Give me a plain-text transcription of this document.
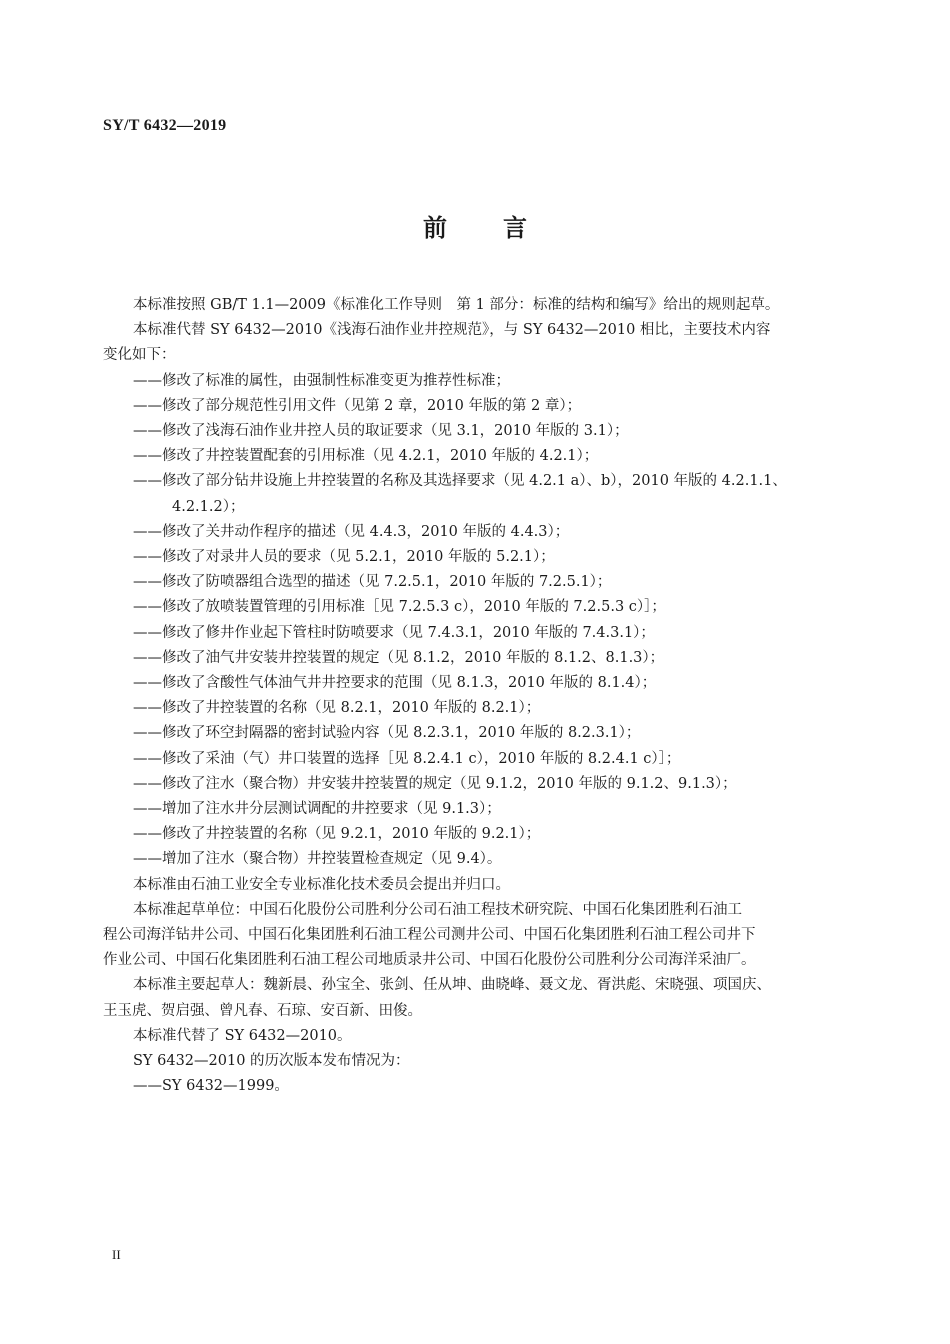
SY/T 6432—2019
前 言

本标准按照 GB/T 1.1—2009《标准化工作导则　第 1 部分：标准的结构和编写》给出的规则起草。

本标准代替 SY 6432—2010《浅海石油作业井控规范》，与 SY 6432—2010 相比，主要技术内容

变化如下：

——修改了标准的属性，由强制性标准变更为推荐性标准；

——修改了部分规范性引用文件（见第 2 章，2010 年版的第 2 章）；

——修改了浅海石油作业井控人员的取证要求（见 3.1，2010 年版的 3.1）；

——修改了井控装置配套的引用标准（见 4.2.1，2010 年版的 4.2.1）；

——修改了部分钻井设施上井控装置的名称及其选择要求（见 4.2.1 a）、b），2010 年版的 4.2.1.1、
4.2.1.2）；

——修改了关井动作程序的描述（见 4.4.3，2010 年版的 4.4.3）；

——修改了对录井人员的要求（见 5.2.1，2010 年版的 5.2.1）；

——修改了防喷器组合选型的描述（见 7.2.5.1，2010 年版的 7.2.5.1）；

——修改了放喷装置管理的引用标准［见 7.2.5.3 c），2010 年版的 7.2.5.3 c）］；

——修改了修井作业起下管柱时防喷要求（见 7.4.3.1，2010 年版的 7.4.3.1）；

——修改了油气井安装井控装置的规定（见 8.1.2，2010 年版的 8.1.2、8.1.3）；

——修改了含酸性气体油气井井控要求的范围（见 8.1.3，2010 年版的 8.1.4）；

——修改了井控装置的名称（见 8.2.1，2010 年版的 8.2.1）；

——修改了环空封隔器的密封试验内容（见 8.2.3.1，2010 年版的 8.2.3.1）；

——修改了采油（气）井口装置的选择［见 8.2.4.1 c），2010 年版的 8.2.4.1 c）］；

——修改了注水（聚合物）井安装井控装置的规定（见 9.1.2，2010 年版的 9.1.2、9.1.3）；

——增加了注水井分层测试调配的井控要求（见 9.1.3）；

——修改了井控装置的名称（见 9.2.1，2010 年版的 9.2.1）；

——增加了注水（聚合物）井控装置检查规定（见 9.4）。

本标准由石油工业安全专业标准化技术委员会提出并归口。

本标准起草单位：中国石化股份公司胜利分公司石油工程技术研究院、中国石化集团胜利石油工

程公司海洋钻井公司、中国石化集团胜利石油工程公司测井公司、中国石化集团胜利石油工程公司井下

作业公司、中国石化集团胜利石油工程公司地质录井公司、中国石化股份公司胜利分公司海洋采油厂。

本标准主要起草人：魏新晨、孙宝全、张剑、任从坤、曲晓峰、聂文龙、胥洪彪、宋晓强、项国庆、

王玉虎、贺启强、曾凡春、石琼、安百新、田俊。

本标准代替了 SY 6432—2010。

SY 6432—2010 的历次版本发布情况为：

——SY 6432—1999。

II
